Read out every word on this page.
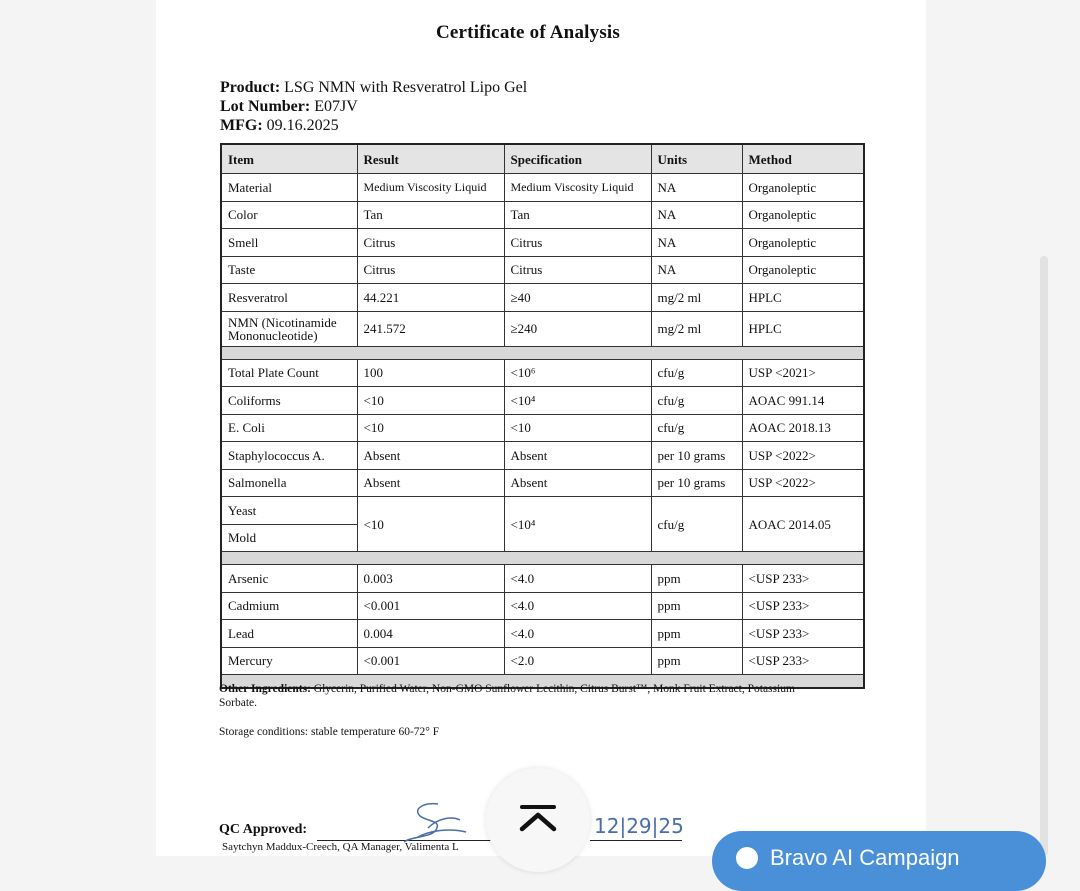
Certificate of Analysis
Product: LSG NMN with Resveratrol Lipo Gel
Lot Number: E07JV
MFG: 09.16.2025
Item	Result	Specification	Units	Method
Material	Medium Viscosity Liquid	Medium Viscosity Liquid	NA	Organoleptic
Color	Tan	Tan	NA	Organoleptic
Smell	Citrus	Citrus	NA	Organoleptic
Taste	Citrus	Citrus	NA	Organoleptic
Resveratrol	44.221	≥40	mg/2 ml	HPLC
NMN (Nicotinamide Mononucleotide)	241.572	≥240	mg/2 ml	HPLC

Total Plate Count	100	<10⁶	cfu/g	USP <2021>
Coliforms	<10	<10⁴	cfu/g	AOAC 991.14
E. Coli	<10	<10	cfu/g	AOAC 2018.13
Staphylococcus A.	Absent	Absent	per 10 grams	USP <2022>
Salmonella	Absent	Absent	per 10 grams	USP <2022>
Yeast	<10	<10⁴	cfu/g	AOAC 2014.05
Mold				

Arsenic	0.003	<4.0	ppm	<USP 233>
Cadmium	<0.001	<4.0	ppm	<USP 233>
Lead	0.004	<4.0	ppm	<USP 233>
Mercury	<0.001	<2.0	ppm	<USP 233>

Other Ingredients: Glycerin, Purified Water, Non-GMO Sunflower Lecithin, Citrus Burst™, Monk Fruit Extract, Potassium Sorbate.
Storage conditions: stable temperature 60-72° F
QC Approved:
Saytchyn Maddux-Creech, QA Manager, Valimenta L
12|29|25
Bravo AI Campaign
